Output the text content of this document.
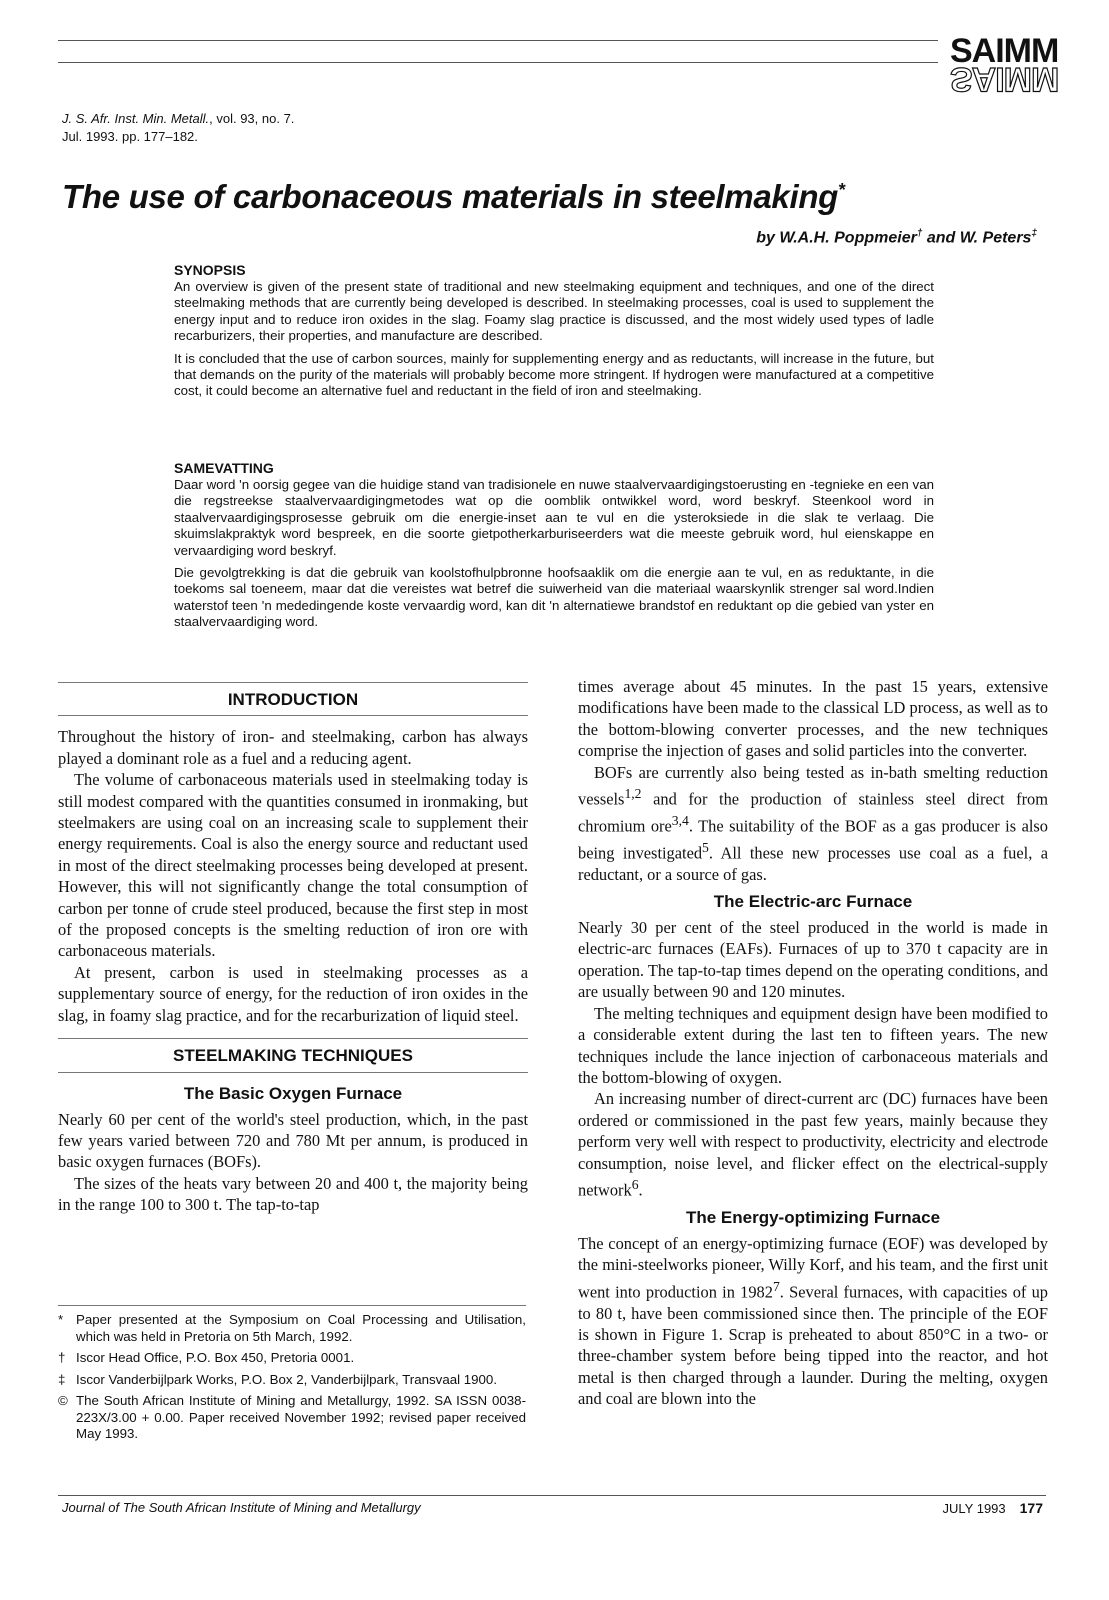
SAIMM
SAIMM
J. S. Afr. Inst. Min. Metall., vol. 93, no. 7.
Jul. 1993. pp. 177–182.
The use of carbonaceous materials in steelmaking*
by W.A.H. Poppmeier† and W. Peters‡
SYNOPSIS

An overview is given of the present state of traditional and new steelmaking equipment and techniques, and one of the direct steelmaking methods that are currently being developed is described. In steelmaking processes, coal is used to supplement the energy input and to reduce iron oxides in the slag. Foamy slag practice is discussed, and the most widely used types of ladle recarburizers, their properties, and manufacture are described.

It is concluded that the use of carbon sources, mainly for supplementing energy and as reductants, will increase in the future, but that demands on the purity of the materials will probably become more stringent. If hydrogen were manufactured at a competitive cost, it could become an alternative fuel and reductant in the field of iron and steelmaking.

SAMEVATTING

Daar word 'n oorsig gegee van die huidige stand van tradisionele en nuwe staalvervaardigingstoerusting en -tegnieke en een van die regstreekse staalvervaardigingmetodes wat op die oomblik ontwikkel word, word beskryf. Steenkool word in staalvervaardigingsprosesse gebruik om die energie-inset aan te vul en die ysteroksiede in die slak te verlaag. Die skuimslakpraktyk word bespreek, en die soorte gietpotherkarburiseerders wat die meeste gebruik word, hul eienskappe en vervaardiging word beskryf.

Die gevolgtrekking is dat die gebruik van koolstofhulpbronne hoofsaaklik om die energie aan te vul, en as reduktante, in die toekoms sal toeneem, maar dat die vereistes wat betref die suiwerheid van die materiaal waarskynlik strenger sal word.Indien waterstof teen 'n mededingende koste vervaardig word, kan dit 'n alternatiewe brandstof en reduktant op die gebied van yster en staalvervaardiging word.

INTRODUCTION

Throughout the history of iron- and steelmaking, carbon has always played a dominant role as a fuel and a reducing agent.

The volume of carbonaceous materials used in steelmaking today is still modest compared with the quantities consumed in ironmaking, but steelmakers are using coal on an increasing scale to supplement their energy requirements. Coal is also the energy source and reductant used in most of the direct steelmaking processes being developed at present. However, this will not significantly change the total consumption of carbon per tonne of crude steel produced, because the first step in most of the proposed concepts is the smelting reduction of iron ore with carbonaceous materials.

At present, carbon is used in steelmaking processes as a supplementary source of energy, for the reduction of iron oxides in the slag, in foamy slag practice, and for the recarburization of liquid steel.

STEELMAKING TECHNIQUES
The Basic Oxygen Furnace

Nearly 60 per cent of the world's steel production, which, in the past few years varied between 720 and 780 Mt per annum, is produced in basic oxygen furnaces (BOFs).

The sizes of the heats vary between 20 and 400 t, the majority being in the range 100 to 300 t. The tap-to-tap

* Paper presented at the Symposium on Coal Processing and Utilisation, which was held in Pretoria on 5th March, 1992.
† Iscor Head Office, P.O. Box 450, Pretoria 0001.
‡ Iscor Vanderbijlpark Works, P.O. Box 2, Vanderbijlpark, Transvaal 1900.
© The South African Institute of Mining and Metallurgy, 1992. SA ISSN 0038-223X/3.00 + 0.00. Paper received November 1992; revised paper received May 1993.

times average about 45 minutes. In the past 15 years, extensive modifications have been made to the classical LD process, as well as to the bottom-blowing converter processes, and the new techniques comprise the injection of gases and solid particles into the converter.

BOFs are currently also being tested as in-bath smelting reduction vessels$^{1,2}$ and for the production of stainless steel direct from chromium ore$^{3,4}$. The suitability of the BOF as a gas producer is also being investigated$^5$. All these new processes use coal as a fuel, a reductant, or a source of gas.

The Electric-arc Furnace

Nearly 30 per cent of the steel produced in the world is made in electric-arc furnaces (EAFs). Furnaces of up to 370 t capacity are in operation. The tap-to-tap times depend on the operating conditions, and are usually between 90 and 120 minutes.

The melting techniques and equipment design have been modified to a considerable extent during the last ten to fifteen years. The new techniques include the lance injection of carbonaceous materials and the bottom-blowing of oxygen.

An increasing number of direct-current arc (DC) furnaces have been ordered or commissioned in the past few years, mainly because they perform very well with respect to productivity, electricity and electrode consumption, noise level, and flicker effect on the electrical-supply network$^6$.

The Energy-optimizing Furnace

The concept of an energy-optimizing furnace (EOF) was developed by the mini-steelworks pioneer, Willy Korf, and his team, and the first unit went into production in 1982$^7$. Several furnaces, with capacities of up to 80 t, have been commissioned since then. The principle of the EOF is shown in Figure 1. Scrap is preheated to about 850°C in a two- or three-chamber system before being tipped into the reactor, and hot metal is then charged through a launder. During the melting, oxygen and coal are blown into the

Journal of The South African Institute of Mining and Metallurgy	JULY 1993 177
